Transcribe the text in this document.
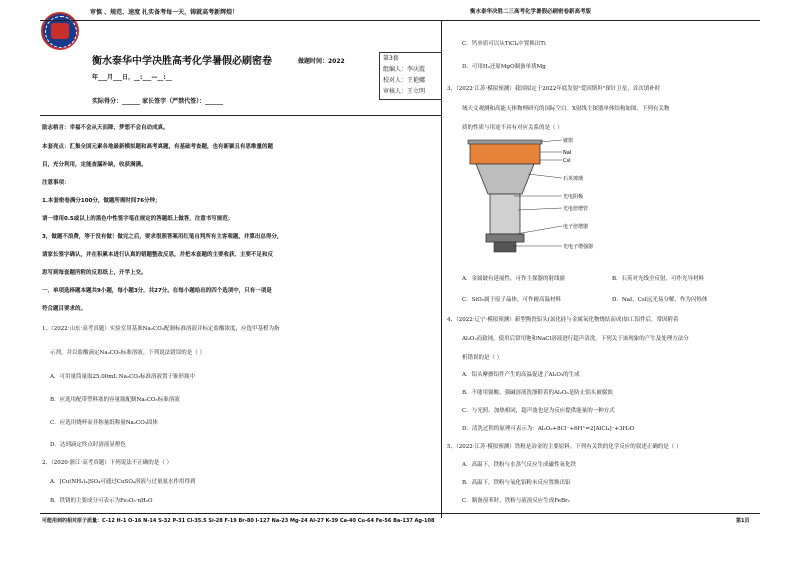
审慎 、规范、速度 扎实备考每一天，铸就高考新辉煌！	衡水泰华决胜二三高考化学暑假必刷密卷新高考版
衡水泰华中学决胜高考化学暑假必刷密卷	做题时间：2022
年___月___日，__:___—__:__
实际得分：______ 家长签字（严禁代签）：______
第3套
组编人：李庆霞
校对人：王艳娜
审核人：王立明
励志格言：幸福不会从天而降，梦想不会自动成真。
本套亮点：汇集全国元素各地最新模拟题和高考真题，有基础考查题，也有新颖且有思维量的题
目，充分利用，定能查漏补缺，收获满满。
注意事项：
1.本套密卷满分100分，做题所需时间76分钟；
请一律用0.5或以上的黑色中性签字笔在规定的答题纸上做答，注意书写规范；
3，做题不浪费，等于没有做！做完之后，要求很照答案用红笔自判所有主客观题，并算出总得分，
请家长签字确认，并在积累本进行认真的错题整改反思，并把本套题的主要收获、主要不足和反
思写到每套题所附的反思纸上，开学上交。
一、单项选择题本题共9小题，每小题3分，共27分。在每小题给出的四个选项中，只有一项是
符合题目要求的。
1、（2022·山东·高考真题）实验室用基准Na₂CO₃配制标准溶液并标定盐酸浓度，应选甲基橙为指
示剂，并以盐酸滴定Na₂CO₃标准溶液。下列说法错误的是（ ）
A．可用量筒量取25.00mL Na₂CO₃标准溶液置于锥形瓶中
B．应选用配带塑料塞的容量瓶配制Na₂CO₃标准溶液
C．应选用烧杯而非称量纸称量Na₂CO₃固体
D．达到滴定终点时溶液显橙色
2、（2020·浙江·高考真题）下列说法不正确的是（ ）
A．[Cu(NH₃)₄]SO₄可通过CuSO₄溶液与过量氨水作用得到
B．铁锈的主要成分可表示为Fe₂O₃·nH₂O
C．钙单质可以从TiCl₄中置换出Ti
D．可用H₂还原MgO制备单质Mg
3、（2022·江苏·模拟预测）我国拟定于2022年底发射"爱因斯坦"探针卫星，首次填补时
域天文观测和高能天体物理研究的国际空白。X射线主探器单体结构如图，下列有关物
质的性质与用途不具有对应关系的是（ ）
铍窗
NaI
CsI
石英玻璃
光电阴极
光电倍增管
电子倍增器
光电子增强器
A．金属铍有延展性，可作主探器的射线窗	B．石英对光线全反射，可作光导材料
C．SiO₂属于原子晶体，可作耐高温材料	D．NaI、CsI远光易分解，作为闪烁体
4、（2022·辽宁·模拟预测）新型陶瓷铝头(氮化硅与金属氧化物烧结而成)加工铝件后，常因附着
Al₂O₃而致钝，使用后常用饱和NaCl溶液进行超声清洗。下列关于该现象的产生及处理方法分
析错误的是（ ）
A．铝头摩擦铝件产生的高温促进了Al₂O₃的生成
B．不能用强酸、强碱溶液洗涤附着的Al₂O₃是防止铝头被腐蚀
C．与光照、加热相同，超声波也是为反应提供能量的一种方式
D．清洗过程的原理可表示为：Al₂O₃+8Cl⁻+6H⁺=2[AlCl₄]⁻+3H₂O
5、（2022·江苏·模拟预测）铁粉是冶金的主要原料。下列有关铁的化学反应的叙述正确的是（ ）
A．高温下，铁粉与水蒸气反应生成磁性氧化铁
B．高温下，铁粉与氧化铝粉末反应置换出铝
C．制备溴苯时，铁粉与液溴反应生成FeBr₂
可能用到的相对原子质量：C-12 H-1 O-16 N-14 S-32 P-31 Cl-35.5 Si-28 F-19 Br-80 I-127 Na-23 Mg-24 Al-27 K-39 Ca-40 Cu-64 Fe-56 Ba-137 Ag-108	第1页
